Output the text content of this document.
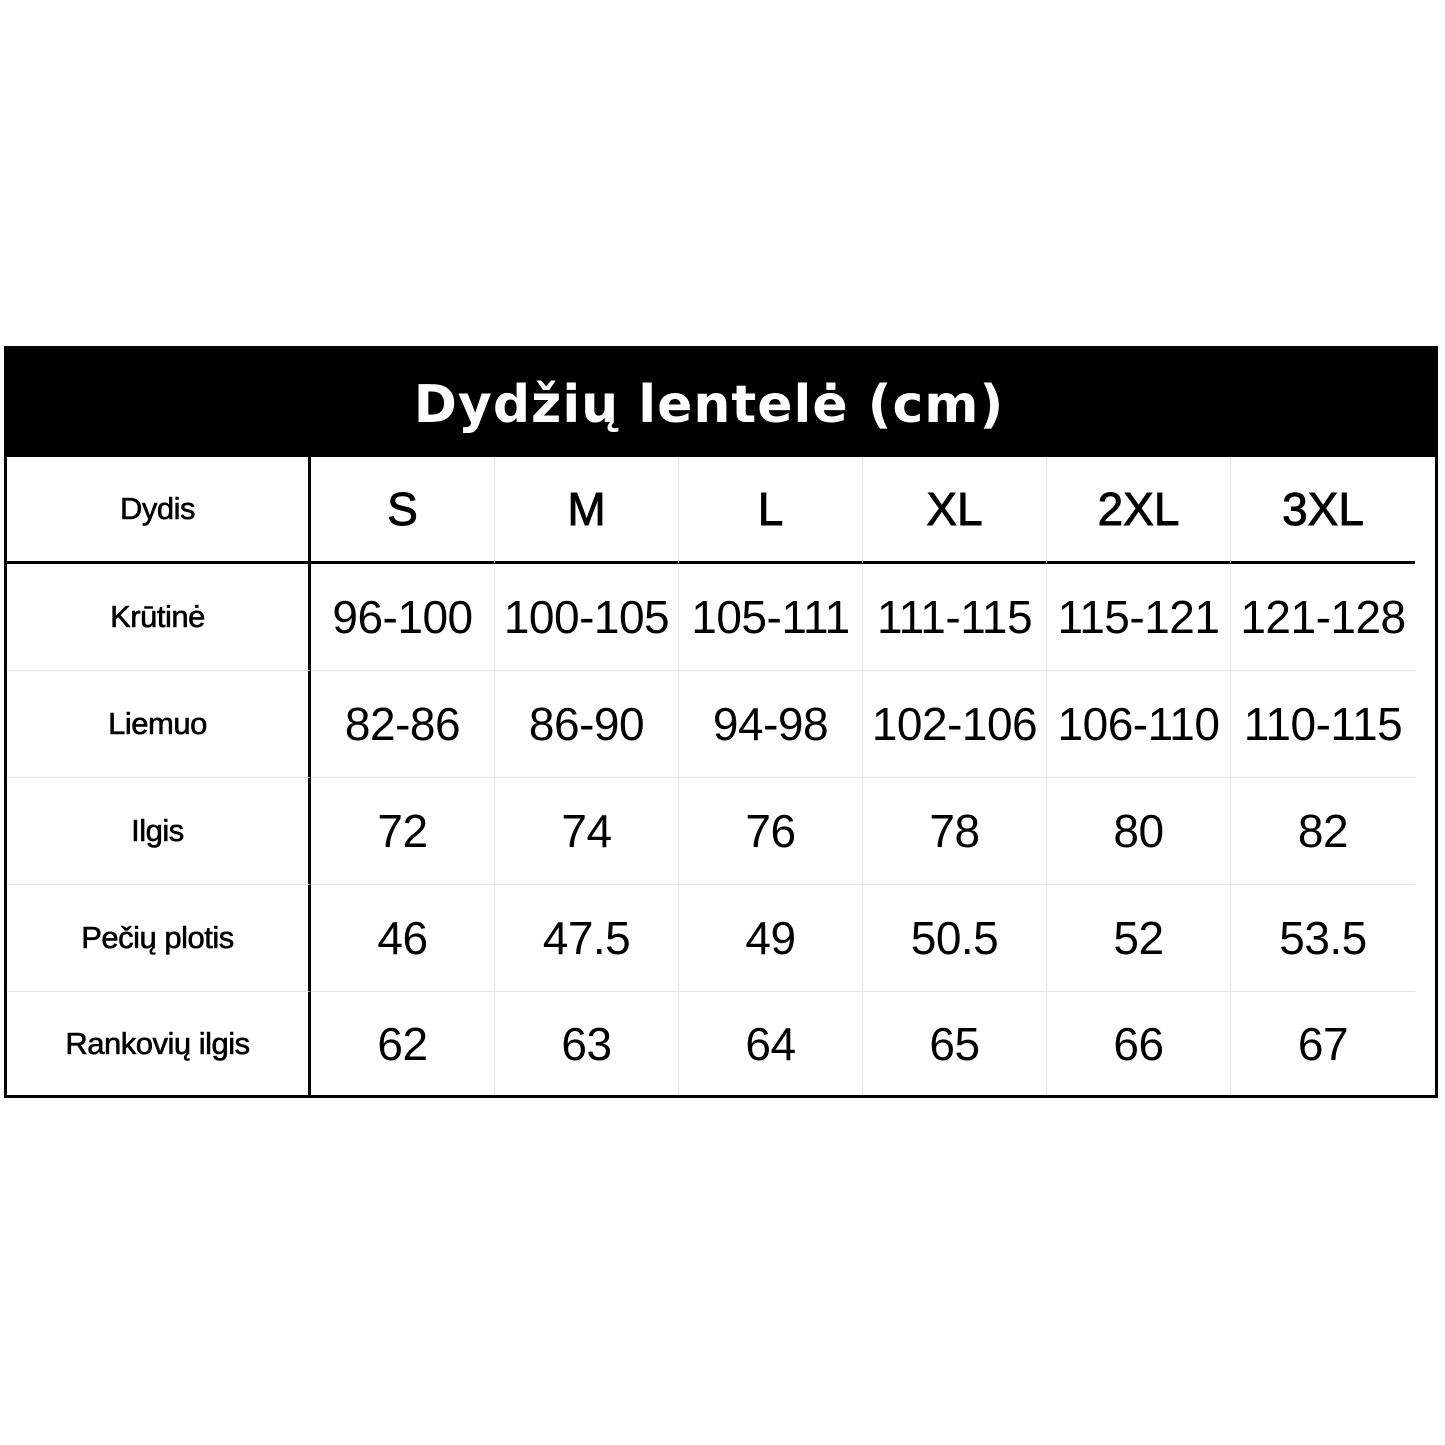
Dydžių lentelė (cm)
Dydis	S	M	L	XL	2XL	3XL
Krūtinė	96-100 100-105 105-111 111-115 115-121 121-128
Liemuo	82-86	86-90	94-98 102-106 106-110 110-115
Ilgis	72	74	76	78	80	82
Pečių plotis	46	47.5	49	50.5	52	53.5
Rankovių ilgis	62	63	64	65	66	67
